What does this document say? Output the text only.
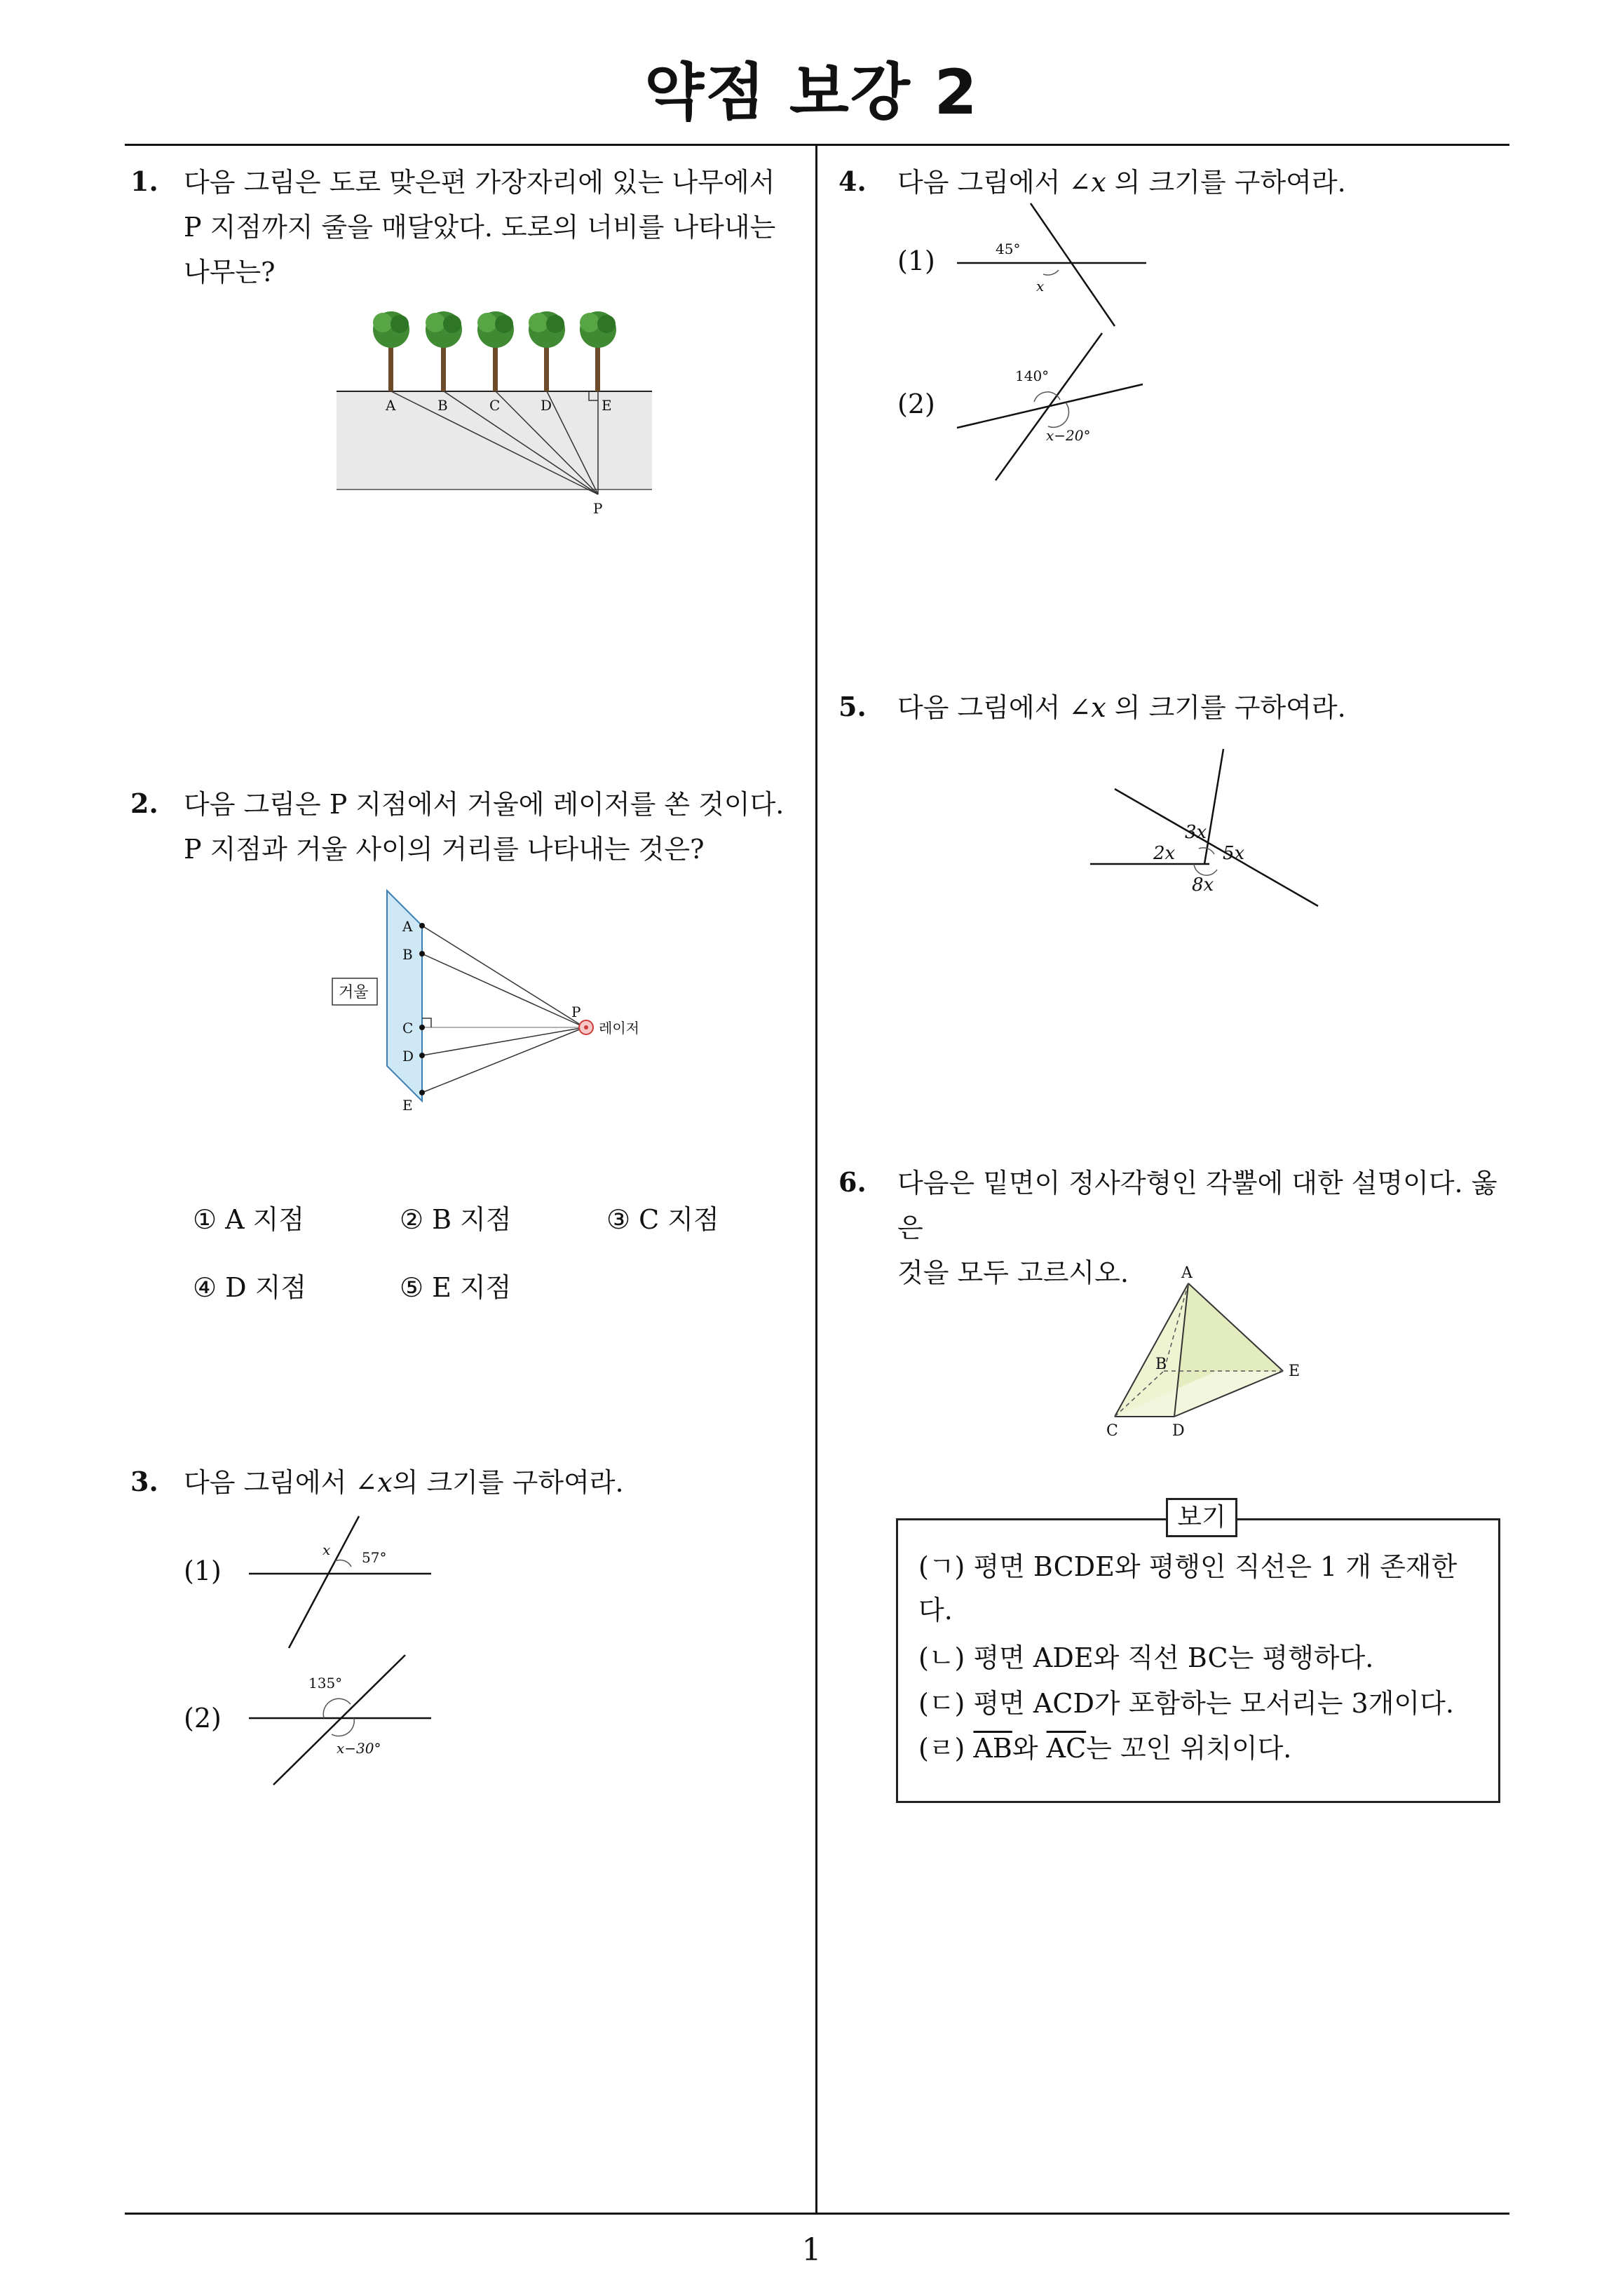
약점 보강 2
1. 다음 그림은 도로 맞은편 가장자리에 있는 나무에서
P 지점까지 줄을 매달았다. 도로의 너비를 나타내는
나무는?
A	B	C	D	E
P
2. 다음 그림은 P 지점에서 거울에 레이저를 쏜 것이다.
P 지점과 거울 사이의 거리를 나타내는 것은?
거울
A
B
C
D
E
P
레이저
① A 지점	② B 지점	③ C 지점
④ D 지점	⑤ E 지점
3. 다음 그림에서 ∠x의 크기를 구하여라.
(1)
x 57°
(2)
135°
x−30°
4. 다음 그림에서 ∠x 의 크기를 구하여라.
(1)	45°
x
(2)
140°
x−20°
5. 다음 그림에서 ∠x 의 크기를 구하여라.
3x
2x	5x
8x
6. 다음은 밑면이 정사각형인 각뿔에 대한 설명이다. 옳은
것을 모두 고르시오.	A
B
C	D
E
보기
(ㄱ) 평면 BCDE와 평행인 직선은 1 개 존재한
다.
(ㄴ) 평면 ADE와 직선 BC는 평행하다.
(ㄷ) 평면 ACD가 포함하는 모서리는 3개이다.
(ㄹ) $\overline{AB}$와 $\overline{AC}$는 꼬인 위치이다.
1
